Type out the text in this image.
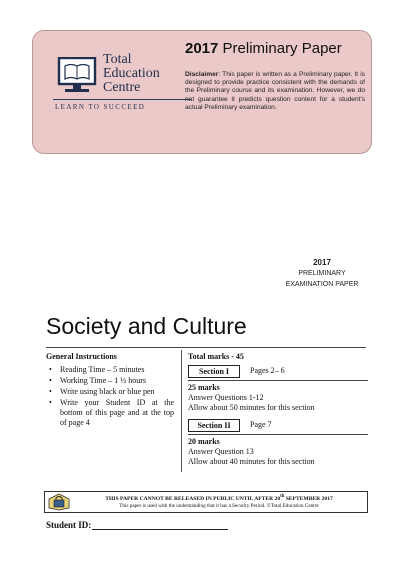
Total
Education
Centre
LEARN TO SUCCEED
2017 Preliminary Paper
Disclaimer: This paper is written as a Preliminary paper. It is designed to provide practice consistent with the demands of the Preliminary course and its examination. However, we do not guarantee it predicts question content for a student's actual Preliminary examination.
2017
PRELIMINARY
EXAMINATION PAPER
Society and Culture
General Instructions
• Reading Time – 5 minutes
• Working Time – 1 ½ hours
• Write using black or blue pen
• Write your Student ID at the bottom of this page and at the top of page 4
Total marks - 45
Section I	Pages 2– 6
25 marks
Answer Questions 1-12
Allow about 50 minutes for this section
Section II	Page 7
20 marks
Answer Question 13
Allow about 40 minutes for this section
THIS PAPER CANNOT BE RELEASED IN PUBLIC UNTIL AFTER 20th SEPTEMBER 2017
This paper is used with the understanding that it has a Security Period. ©Total Education Centre
Student ID:
